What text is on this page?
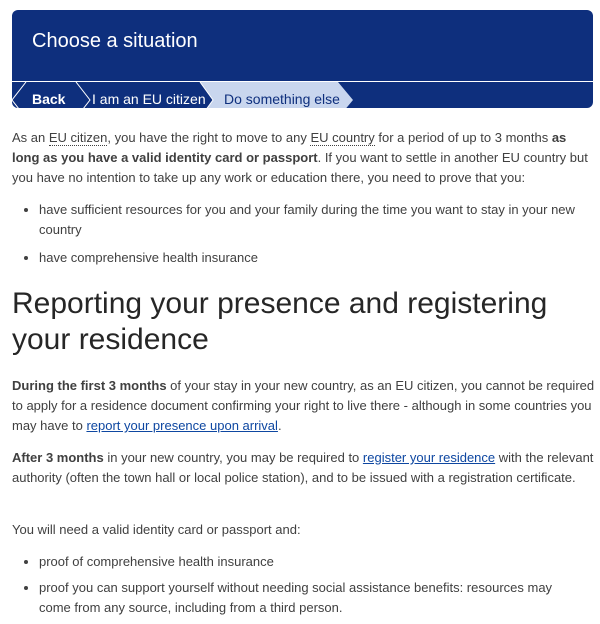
Choose a situation
Back I am an EU citizen	Do something else

As an EU citizen, you have the right to move to any EU country for a period of up to 3 months as long as you have a valid identity card or passport. If you want to settle in another EU country but you have no intention to take up any work or education there, you need to prove that you:

have sufficient resources for you and your family during the time you want to stay in your new country
have comprehensive health insurance
Reporting your presence and registering your residence

During the first 3 months of your stay in your new country, as an EU citizen, you cannot be required to apply for a residence document confirming your right to live there - although in some countries you may have to report your presence upon arrival.

After 3 months in your new country, you may be required to register your residence with the relevant authority (often the town hall or local police station), and to be issued with a registration certificate.

You will need a valid identity card or passport and:

proof of comprehensive health insurance
proof you can support yourself without needing social assistance benefits: resources may come from any source, including from a third person.
